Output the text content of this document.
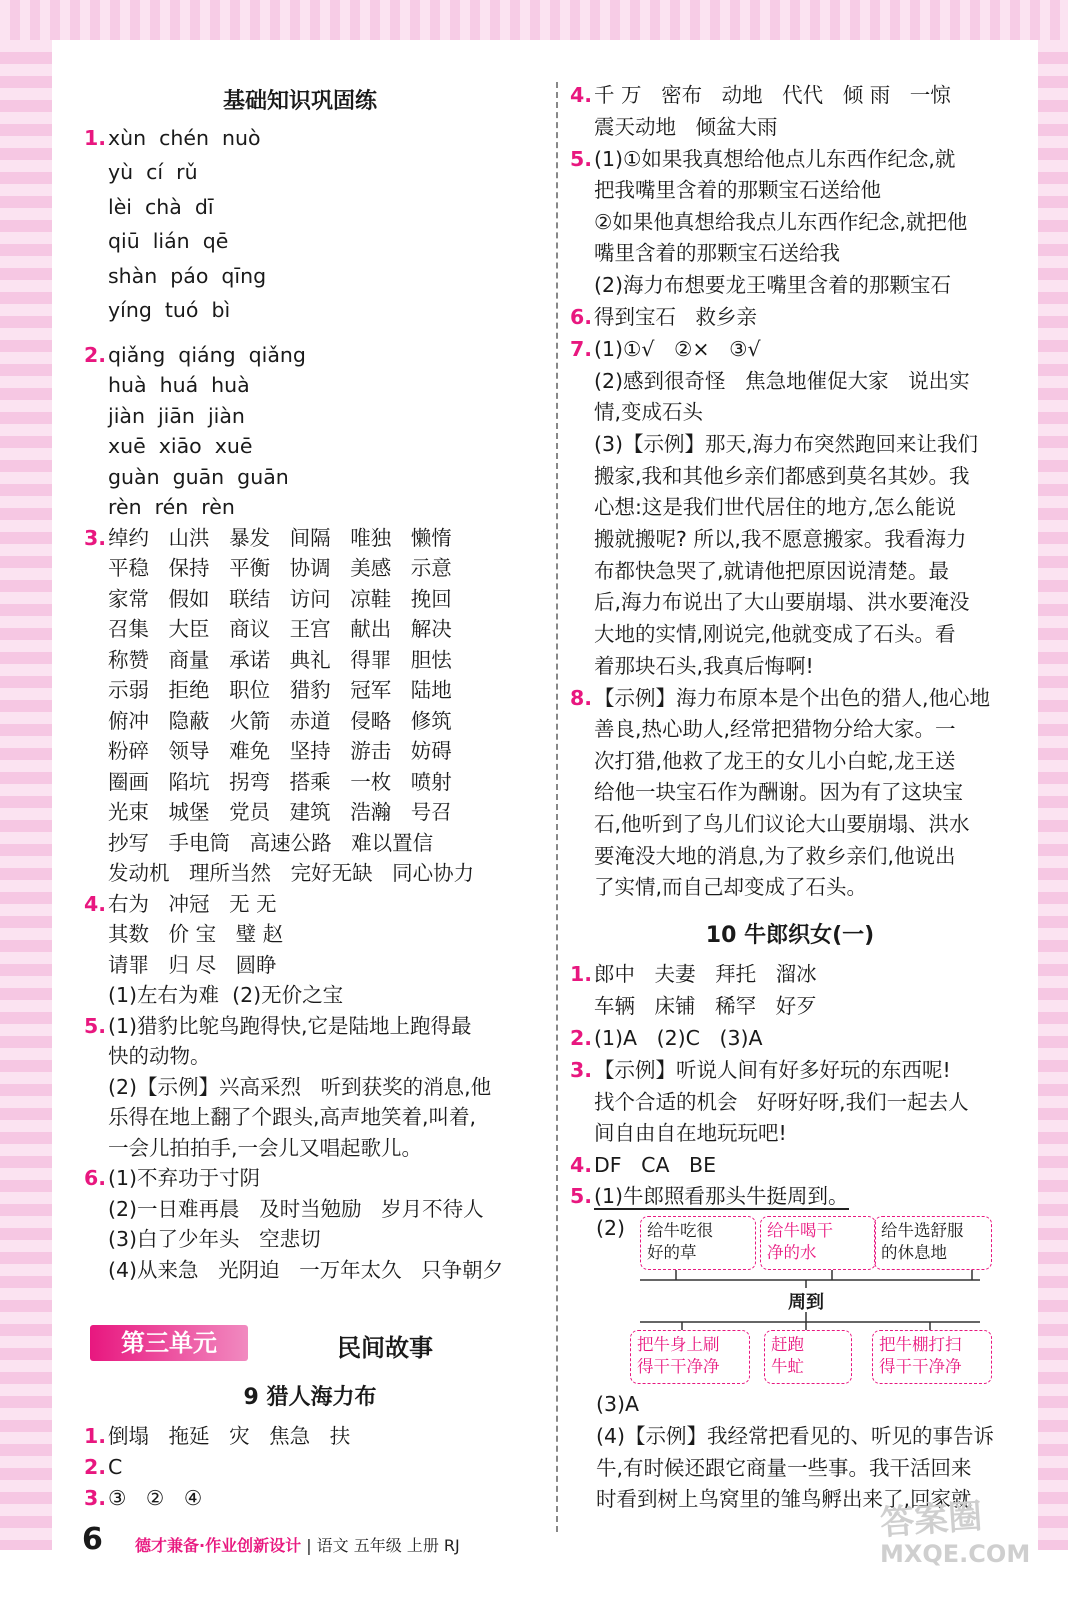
基础知识巩固练
1. xùn  chén  nuò
yù  cí  rǔ
lèi  chà  dī
qiū  lián  qē
shàn  páo  qīng
yíng  tuó  bì
2. qiǎng  qiáng  qiǎng
huà  huá  huà
jiàn  jiān  jiàn
xuē  xiāo  xuē
guàn  guān  guān
rèn  rén  rèn
3. 绰约   山洪   暴发   间隔   唯独   懒惰
平稳   保持   平衡   协调   美感   示意
家常   假如   联结   访问   凉鞋   挽回
召集   大臣   商议   王宫   献出   解决
称赞   商量   承诺   典礼   得罪   胆怯
示弱   拒绝   职位   猎豹   冠军   陆地
俯冲   隐蔽   火箭   赤道   侵略   修筑
粉碎   领导   难免   坚持   游击   妨碍
圈画   陷坑   拐弯   搭乘   一枚   喷射
光束   城堡   党员   建筑   浩瀚   号召
抄写   手电筒   高速公路   难以置信
发动机   理所当然   完好无缺   同心协力
4. 右为   冲冠   无 无
其数   价 宝   璧 赵
请罪   归 尽   圆睁
(1)左右为难  (2)无价之宝
5. (1)猎豹比鸵鸟跑得快,它是陆地上跑得最
快的动物。
(2)【示例】兴高采烈   听到获奖的消息,他
乐得在地上翻了个跟头,高声地笑着,叫着,
一会儿拍拍手,一会儿又唱起歌儿。
6. (1)不弃功于寸阴
(2)一日难再晨   及时当勉励   岁月不待人
(3)白了少年头   空悲切
(4)从来急   光阴迫   一万年太久   只争朝夕
第三单元	民间故事
9 猎人海力布
1. 倒塌   拖延   灾   焦急   扶
2. C
3. ③   ②   ④
4. 千 万   密布   动地   代代   倾 雨   一惊
震天动地   倾盆大雨
5. (1)①如果我真想给他点儿东西作纪念,就
把我嘴里含着的那颗宝石送给他
②如果他真想给我点儿东西作纪念,就把他
嘴里含着的那颗宝石送给我
(2)海力布想要龙王嘴里含着的那颗宝石
6. 得到宝石   救乡亲
7. (1)①√   ②×   ③√
(2)感到很奇怪   焦急地催促大家   说出实
情,变成石头
(3)【示例】那天,海力布突然跑回来让我们
搬家,我和其他乡亲们都感到莫名其妙。我
心想:这是我们世代居住的地方,怎么能说
搬就搬呢? 所以,我不愿意搬家。我看海力
布都快急哭了,就请他把原因说清楚。最
后,海力布说出了大山要崩塌、洪水要淹没
大地的实情,刚说完,他就变成了石头。看
着那块石头,我真后悔啊!
8. 【示例】海力布原本是个出色的猎人,他心地
善良,热心助人,经常把猎物分给大家。一
次打猎,他救了龙王的女儿小白蛇,龙王送
给他一块宝石作为酬谢。因为有了这块宝
石,他听到了鸟儿们议论大山要崩塌、洪水
要淹没大地的消息,为了救乡亲们,他说出
了实情,而自己却变成了石头。
10 牛郎织女(一)
1. 郎中   夫妻   拜托   溜冰
车辆   床铺   稀罕   好歹
2. (1)A   (2)C   (3)A
3. 【示例】听说人间有好多好玩的东西呢!
找个合适的机会   好呀好呀,我们一起去人
间自由自在地玩玩吧!
4. DF   CA   BE
5. (1)牛郎照看那头牛挺周到。
(2)	给牛吃很
好的草
给牛喝干
净的水
给牛选舒服
的休息地
周到
把牛身上刷
得干干净净
赶跑
牛虻
把牛棚打扫
得干干净净
(3)A
(4)【示例】我经常把看见的、听见的事告诉
牛,有时候还跟它商量一些事。我干活回来
时看到树上鸟窝里的雏鸟孵出来了,回家就
6 德才兼备·作业创新设计 | 语文 五年级 上册 RJ
答案圈
MXQE.COM
